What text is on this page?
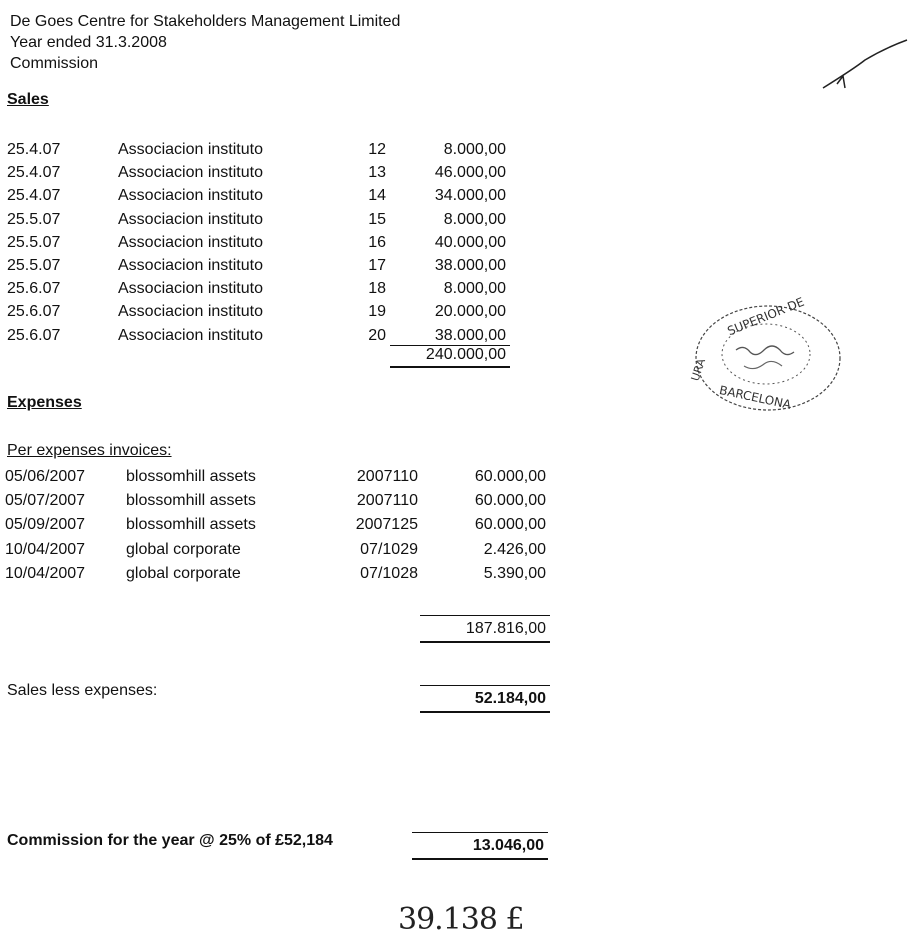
De Goes Centre for Stakeholders Management Limited
Year ended 31.3.2008
Commission
Sales
25.4.07	Associacion instituto	12	8.000,00
25.4.07	Associacion instituto	13	46.000,00
25.4.07	Associacion instituto	14	34.000,00
25.5.07	Associacion instituto	15	8.000,00
25.5.07	Associacion instituto	16	40.000,00
25.5.07	Associacion instituto	17	38.000,00
25.6.07	Associacion instituto	18	8.000,00
25.6.07	Associacion instituto	19	20.000,00
25.6.07	Associacion instituto	20	38.000,00
240.000,00
SUPERIOR DE
URA
BARCELONA
Expenses
Per expenses invoices:
05/06/2007	blossomhill assets	2007110	60.000,00
05/07/2007	blossomhill assets	2007110	60.000,00
05/09/2007	blossomhill assets	2007125	60.000,00
10/04/2007	global corporate	07/1029	2.426,00
10/04/2007	global corporate	07/1028	5.390,00
187.816,00
Sales less expenses:	52.184,00
Commission for the year @ 25% of £52,184	13.046,00
39.138 £
